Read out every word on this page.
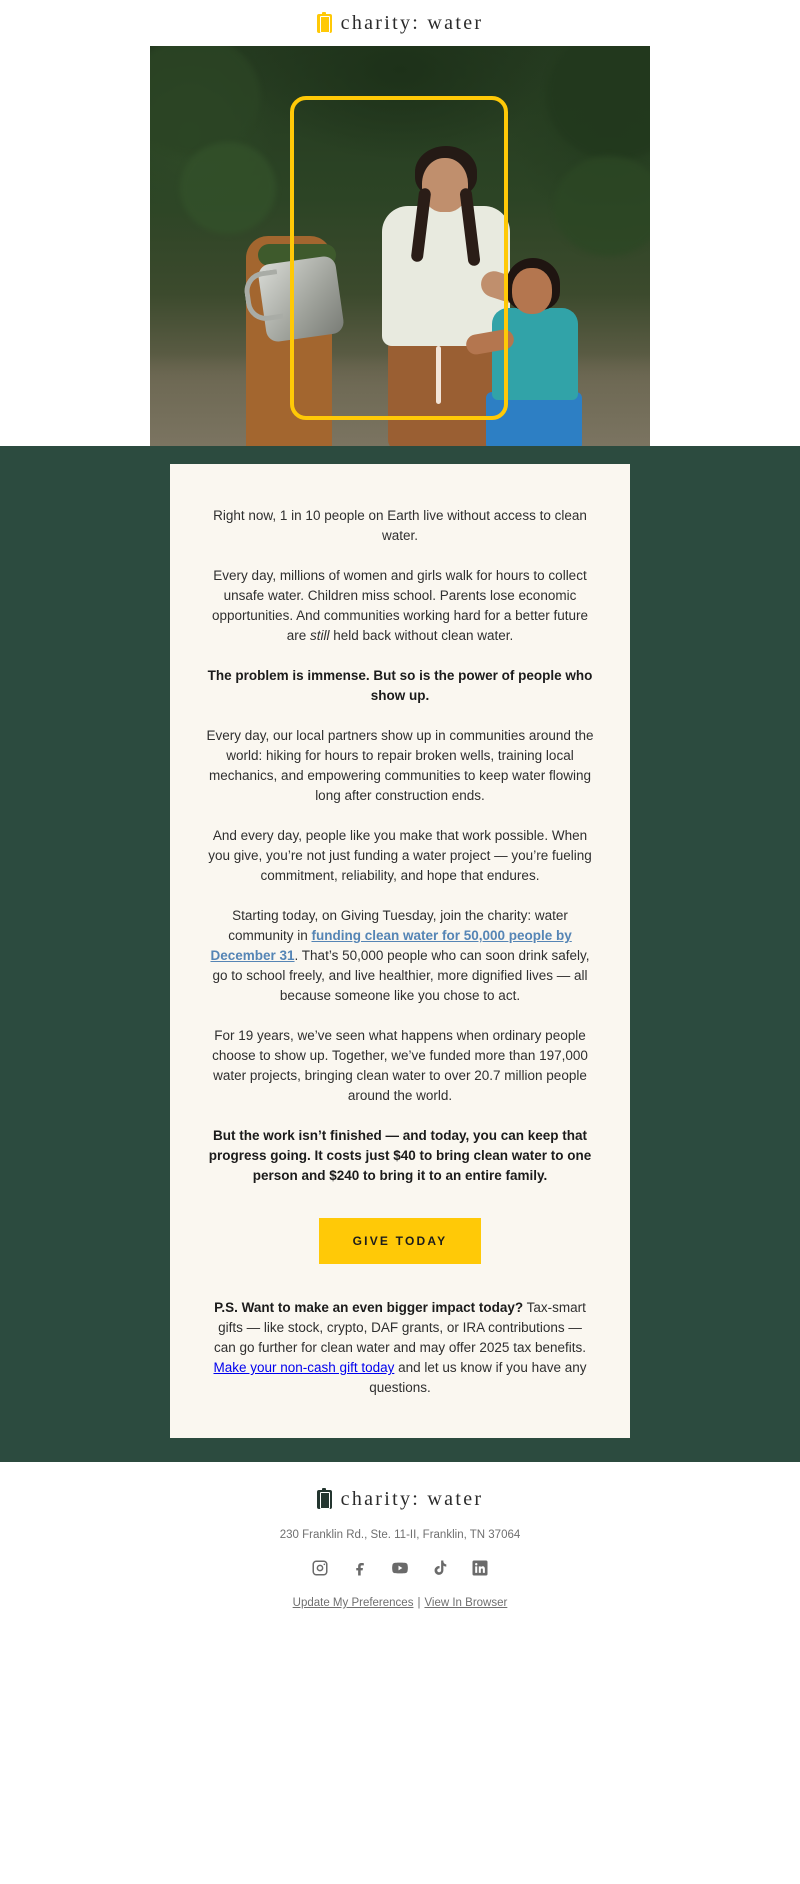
charity: water

Right now, 1 in 10 people on Earth live without access to clean water.

Every day, millions of women and girls walk for hours to collect unsafe water. Children miss school. Parents lose economic opportunities. And communities working hard for a better future are still held back without clean water.

The problem is immense. But so is the power of people who show up.

Every day, our local partners show up in communities around the world: hiking for hours to repair broken wells, training local mechanics, and empowering communities to keep water flowing long after construction ends.

And every day, people like you make that work possible. When you give, you’re not just funding a water project — you’re fueling commitment, reliability, and hope that endures.

Starting today, on Giving Tuesday, join the charity: water community in funding clean water for 50,000 people by December 31. That’s 50,000 people who can soon drink safely, go to school freely, and live healthier, more dignified lives — all because someone like you chose to act.

For 19 years, we’ve seen what happens when ordinary people choose to show up. Together, we’ve funded more than 197,000 water projects, bringing clean water to over 20.7 million people around the world.

But the work isn’t finished — and today, you can keep that progress going. It costs just $40 to bring clean water to one person and $240 to bring it to an entire family.

GIVE TODAY

P.S. Want to make an even bigger impact today? Tax-smart gifts — like stock, crypto, DAF grants, or IRA contributions — can go further for clean water and may offer 2025 tax benefits. Make your non-cash gift today and let us know if you have any questions.

charity: water
230 Franklin Rd., Ste. 11-II, Franklin, TN 37064
Update My Preferences | View In Browser
